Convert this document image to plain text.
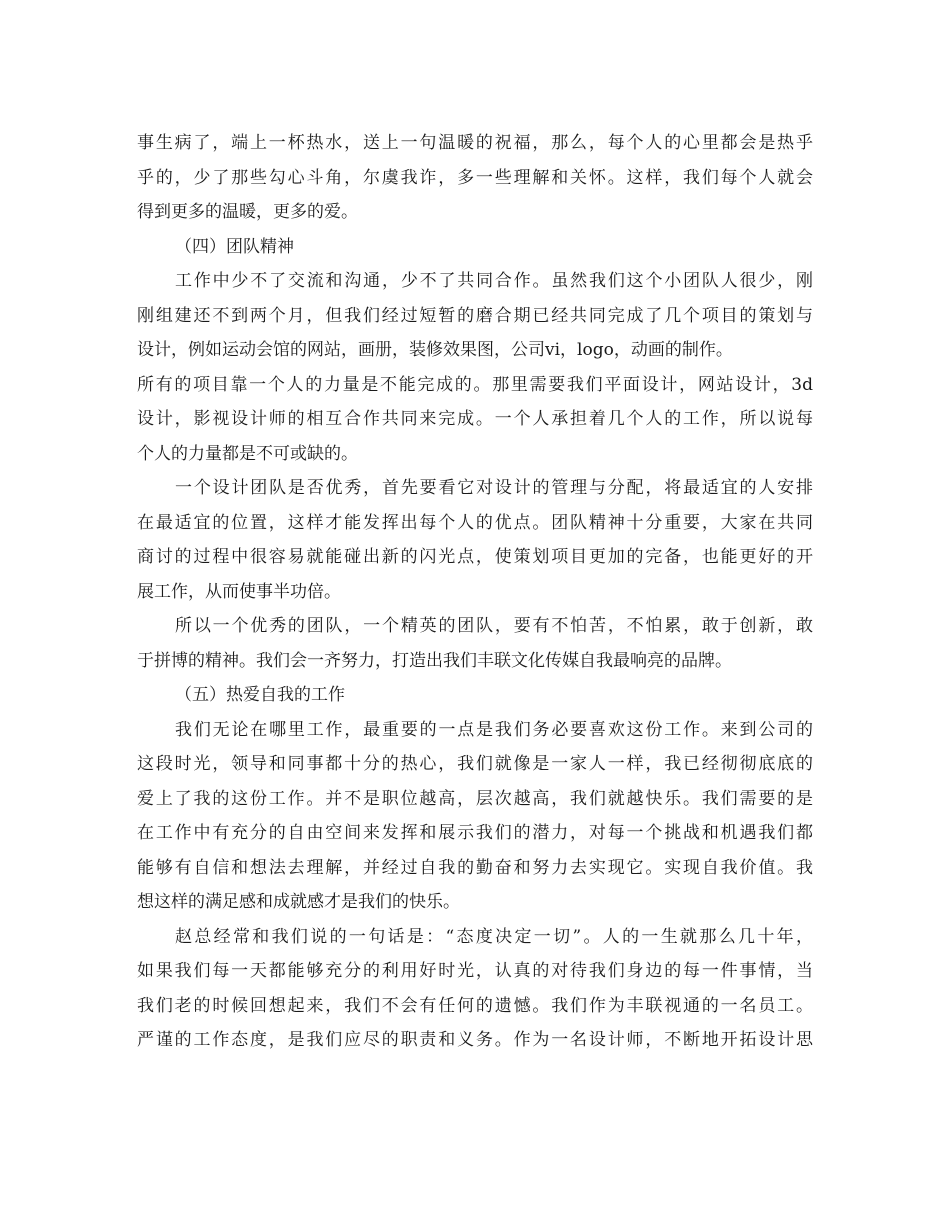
事生病了，端上一杯热水，送上一句温暖的祝福，那么，每个人的心里都会是热乎
乎的，少了那些勾心斗角，尔虞我诈，多一些理解和关怀。这样，我们每个人就会
得到更多的温暖，更多的爱。
（四）团队精神
工作中少不了交流和沟通，少不了共同合作。虽然我们这个小团队人很少，刚
刚组建还不到两个月，但我们经过短暂的磨合期已经共同完成了几个项目的策划与
设计，例如运动会馆的网站，画册，装修效果图，公司vi，logo，动画的制作。
所有的项目靠一个人的力量是不能完成的。那里需要我们平面设计，网站设计，3d
设计，影视设计师的相互合作共同来完成。一个人承担着几个人的工作，所以说每
个人的力量都是不可或缺的。
一个设计团队是否优秀，首先要看它对设计的管理与分配，将最适宜的人安排
在最适宜的位置，这样才能发挥出每个人的优点。团队精神十分重要，大家在共同
商讨的过程中很容易就能碰出新的闪光点，使策划项目更加的完备，也能更好的开
展工作，从而使事半功倍。
所以一个优秀的团队，一个精英的团队，要有不怕苦，不怕累，敢于创新，敢
于拼博的精神。我们会一齐努力，打造出我们丰联文化传媒自我最响亮的品牌。
（五）热爱自我的工作
我们无论在哪里工作，最重要的一点是我们务必要喜欢这份工作。来到公司的
这段时光，领导和同事都十分的热心，我们就像是一家人一样，我已经彻彻底底的
爱上了我的这份工作。并不是职位越高，层次越高，我们就越快乐。我们需要的是
在工作中有充分的自由空间来发挥和展示我们的潜力，对每一个挑战和机遇我们都
能够有自信和想法去理解，并经过自我的勤奋和努力去实现它。实现自我价值。我
想这样的满足感和成就感才是我们的快乐。
赵总经常和我们说的一句话是：“态度决定一切”。人的一生就那么几十年，
如果我们每一天都能够充分的利用好时光，认真的对待我们身边的每一件事情，当
我们老的时候回想起来，我们不会有任何的遗憾。我们作为丰联视通的一名员工。
严谨的工作态度，是我们应尽的职责和义务。作为一名设计师，不断地开拓设计思
